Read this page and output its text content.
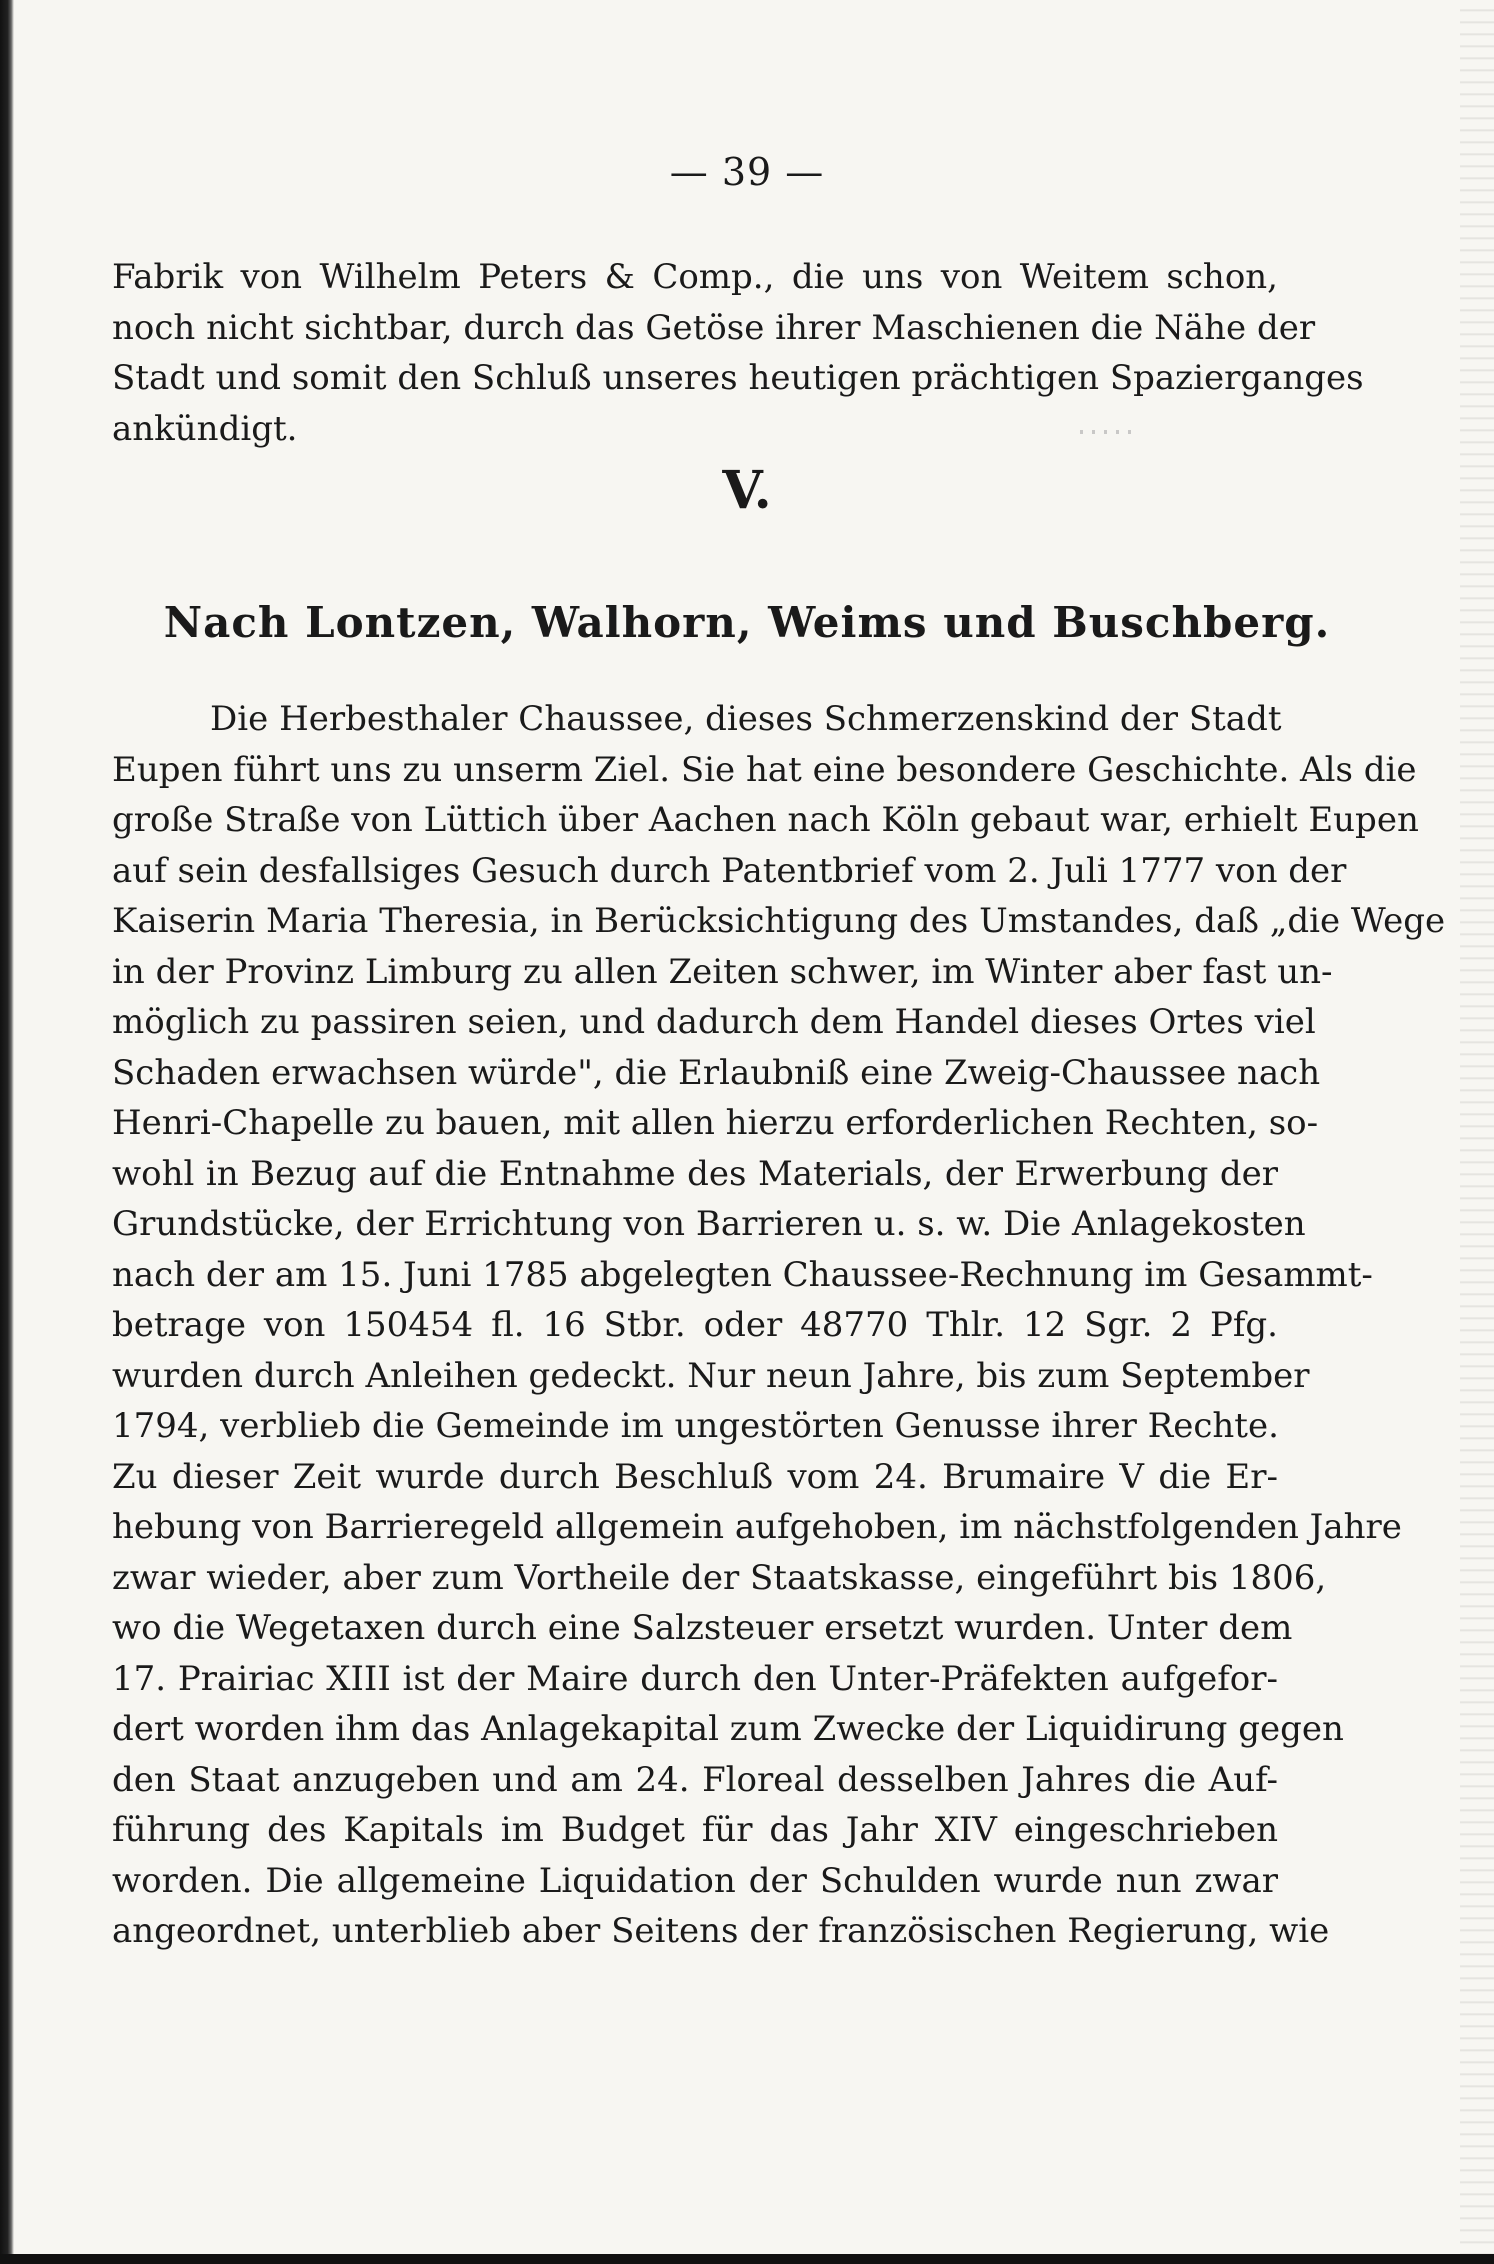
— 39 —
Fabrik von Wilhelm Peters & Comp., die uns von Weitem schon,
noch nicht sichtbar, durch das Getöse ihrer Maschienen die Nähe der
Stadt und somit den Schluß unseres heutigen prächtigen Spazierganges
ankündigt.
V.
Nach Lontzen, Walhorn, Weims und Buschberg.
Die Herbesthaler Chaussee, dieses Schmerzenskind der Stadt
Eupen führt uns zu unserm Ziel. Sie hat eine besondere Geschichte. Als die
große Straße von Lüttich über Aachen nach Köln gebaut war, erhielt Eupen
auf sein desfallsiges Gesuch durch Patentbrief vom 2. Juli 1777 von der
Kaiserin Maria Theresia, in Berücksichtigung des Umstandes, daß „die Wege
in der Provinz Limburg zu allen Zeiten schwer, im Winter aber fast un-
möglich zu passiren seien, und dadurch dem Handel dieses Ortes viel
Schaden erwachsen würde", die Erlaubniß eine Zweig-Chaussee nach
Henri-Chapelle zu bauen, mit allen hierzu erforderlichen Rechten, so-
wohl in Bezug auf die Entnahme des Materials, der Erwerbung der
Grundstücke, der Errichtung von Barrieren u. s. w. Die Anlagekosten
nach der am 15. Juni 1785 abgelegten Chaussee-Rechnung im Gesammt-
betrage von 150454 fl. 16 Stbr. oder 48770 Thlr. 12 Sgr. 2 Pfg.
wurden durch Anleihen gedeckt. Nur neun Jahre, bis zum September
1794, verblieb die Gemeinde im ungestörten Genusse ihrer Rechte.
Zu dieser Zeit wurde durch Beschluß vom 24. Brumaire V die Er-
hebung von Barrieregeld allgemein aufgehoben, im nächstfolgenden Jahre
zwar wieder, aber zum Vortheile der Staatskasse, eingeführt bis 1806,
wo die Wegetaxen durch eine Salzsteuer ersetzt wurden. Unter dem
17. Prairiac XIII ist der Maire durch den Unter-Präfekten aufgefor-
dert worden ihm das Anlagekapital zum Zwecke der Liquidirung gegen
den Staat anzugeben und am 24. Floreal desselben Jahres die Auf-
führung des Kapitals im Budget für das Jahr XIV eingeschrieben
worden. Die allgemeine Liquidation der Schulden wurde nun zwar
angeordnet, unterblieb aber Seitens der französischen Regierung, wie
